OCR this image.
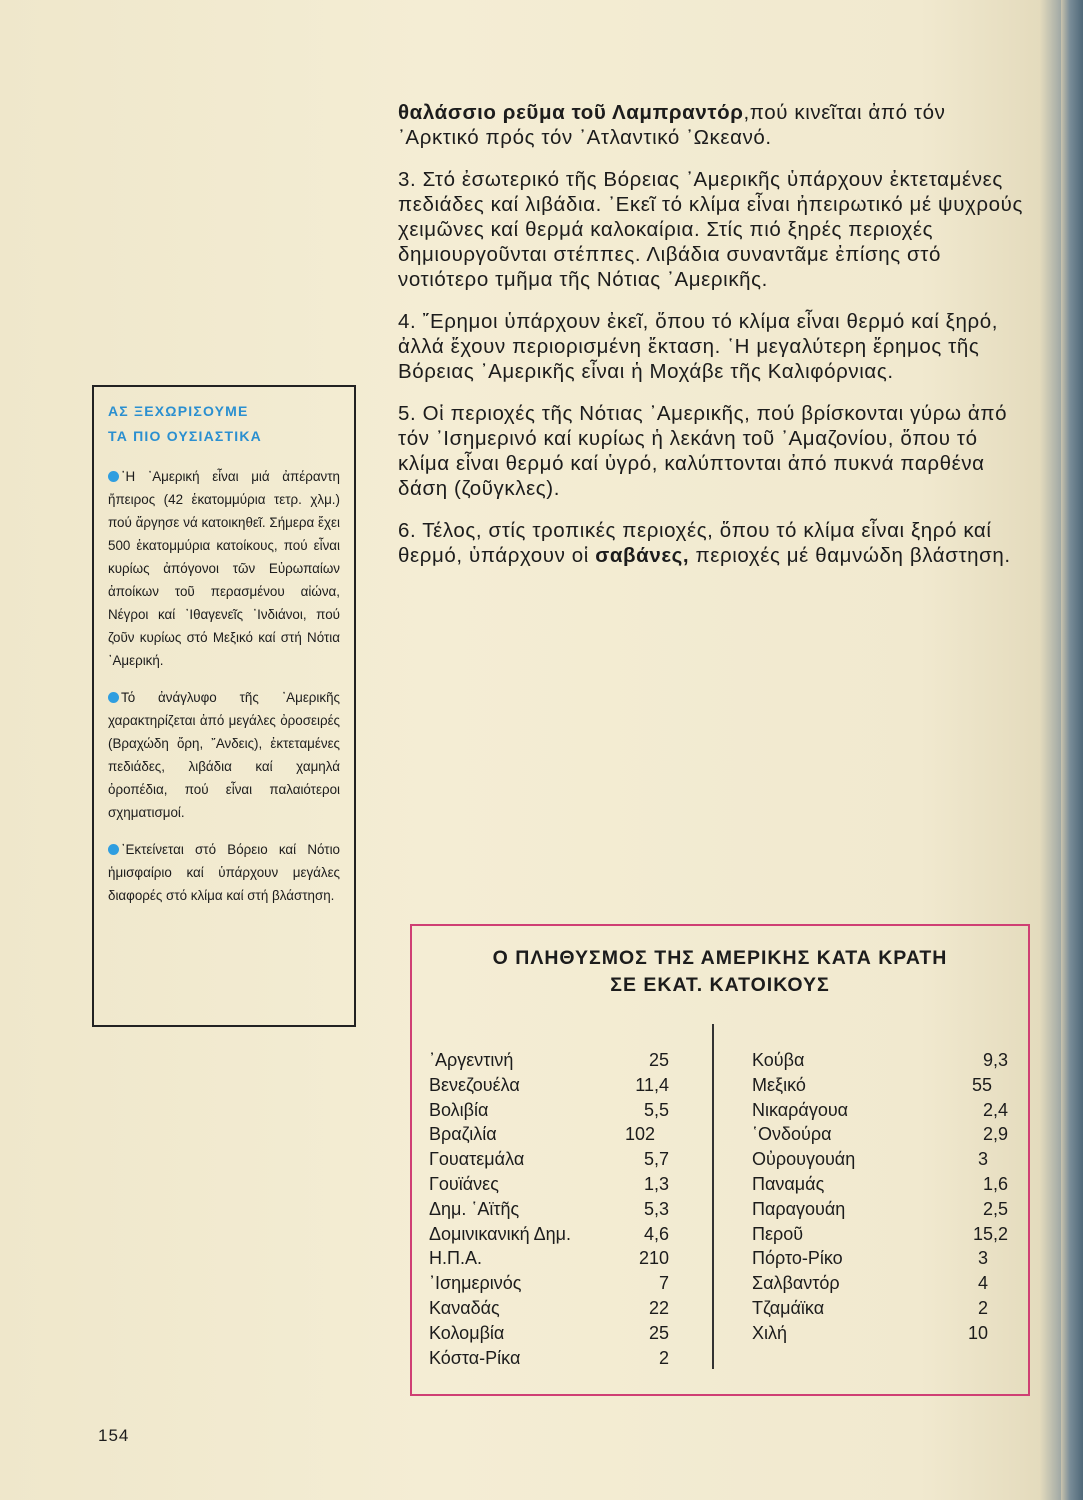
θαλάσσιο ρεῦμα τοῦ Λαμπραντόρ,πού κινεῖται ἀπό τόν ᾿Αρκτικό πρός τόν ᾿Ατλαντικό ᾿Ωκεανό.

3. Στό ἐσωτερικό τῆς Βόρειας ᾿Αμερικῆς ὑπάρχουν ἐκτεταμένες πεδιάδες καί λιβάδια. ᾿Εκεῖ τό κλίμα εἶναι ἠπειρωτικό μέ ψυχρούς χειμῶνες καί θερμά καλοκαίρια. Στίς πιό ξηρές περιοχές δημιουργοῦνται στέππες. Λιβάδια συναντᾶμε ἐπίσης στό νοτιότερο τμῆμα τῆς Νότιας ᾿Αμερικῆς.

4. ῎Ερημοι ὑπάρχουν ἐκεῖ, ὅπου τό κλίμα εἶναι θερμό καί ξηρό, ἀλλά ἔχουν περιορισμένη ἔκταση. ῾Η μεγαλύτερη ἔρημος τῆς Βόρειας ᾿Αμερικῆς εἶναι ἡ Μοχάβε τῆς Καλιφόρνιας.

5. Οἱ περιοχές τῆς Νότιας ᾿Αμερικῆς, πού βρίσκονται γύρω ἀπό τόν ᾿Ισημερινό καί κυρίως ἡ λεκάνη τοῦ ᾿Αμαζονίου, ὅπου τό κλίμα εἶναι θερμό καί ὑγρό, καλύπτονται ἀπό πυκνά παρθένα δάση (ζοῦγκλες).

6. Τέλος, στίς τροπικές περιοχές, ὅπου τό κλίμα εἶναι ξηρό καί θερμό, ὑπάρχουν οἱ σαβάνες, περιοχές μέ θαμνώδη βλάστηση.

ΑΣ ΞΕΧΩΡΙΣΟΥΜΕ
ΤΑ ΠΙΟ ΟΥΣΙΑΣΤΙΚΑ
῾Η ᾿Αμερική εἶναι μιά ἀπέραντη ἤπειρος (42 ἑκατομμύρια τετρ. χλμ.) πού ἄργησε νά κατοικηθεῖ. Σήμερα ἔχει 500 ἑκατομμύρια κατοίκους, πού εἶναι κυρίως ἀπόγονοι τῶν Εὐρωπαίων ἀποίκων τοῦ περασμένου αἰώνα, Νέγροι καί ᾿Ιθαγενεῖς ᾿Ινδιάνοι, πού ζοῦν κυρίως στό Μεξικό καί στή Νότια ᾿Αμερική.
Τό ἀνάγλυφο τῆς ᾿Αμερικῆς χαρακτηρίζεται ἀπό μεγάλες ὀροσειρές (Βραχώδη ὄρη, ῎Ανδεις), ἐκτεταμένες πεδιάδες, λιβάδια καί χαμηλά ὀροπέδια, πού εἶναι παλαιότεροι σχηματισμοί.
᾿Εκτείνεται στό Βόρειο καί Νότιο ἡμισφαίριο καί ὑπάρχουν μεγάλες διαφορές στό κλίμα καί στή βλάστηση.
Ο ΠΛΗΘΥΣΜΟΣ ΤΗΣ ΑΜΕΡΙΚΗΣ ΚΑΤΑ ΚΡΑΤΗ
ΣΕ ΕΚΑΤ. ΚΑΤΟΙΚΟΥΣ
᾿Αργεντινή	25
Βενεζουέλα	11,4
Βολιβία	5,5
Βραζιλία	102
Γουατεμάλα	5,7
Γουϊάνες	1,3
Δημ. ῾Αϊτῆς	5,3
Δομινικανική Δημ.	4,6
Η.Π.Α.	210
᾿Ισημερινός	7
Καναδάς	22
Κολομβία	25
Κόστα-Ρίκα	2
Κούβα	9,3
Μεξικό	55
Νικαράγουα	2,4
῾Ονδούρα	2,9
Οὐρουγουάη	3
Παναμάς	1,6
Παραγουάη	2,5
Περοῦ	15,2
Πόρτο-Ρίκο	3
Σαλβαντόρ	4
Τζαμάϊκα	2
Χιλή	10
154
